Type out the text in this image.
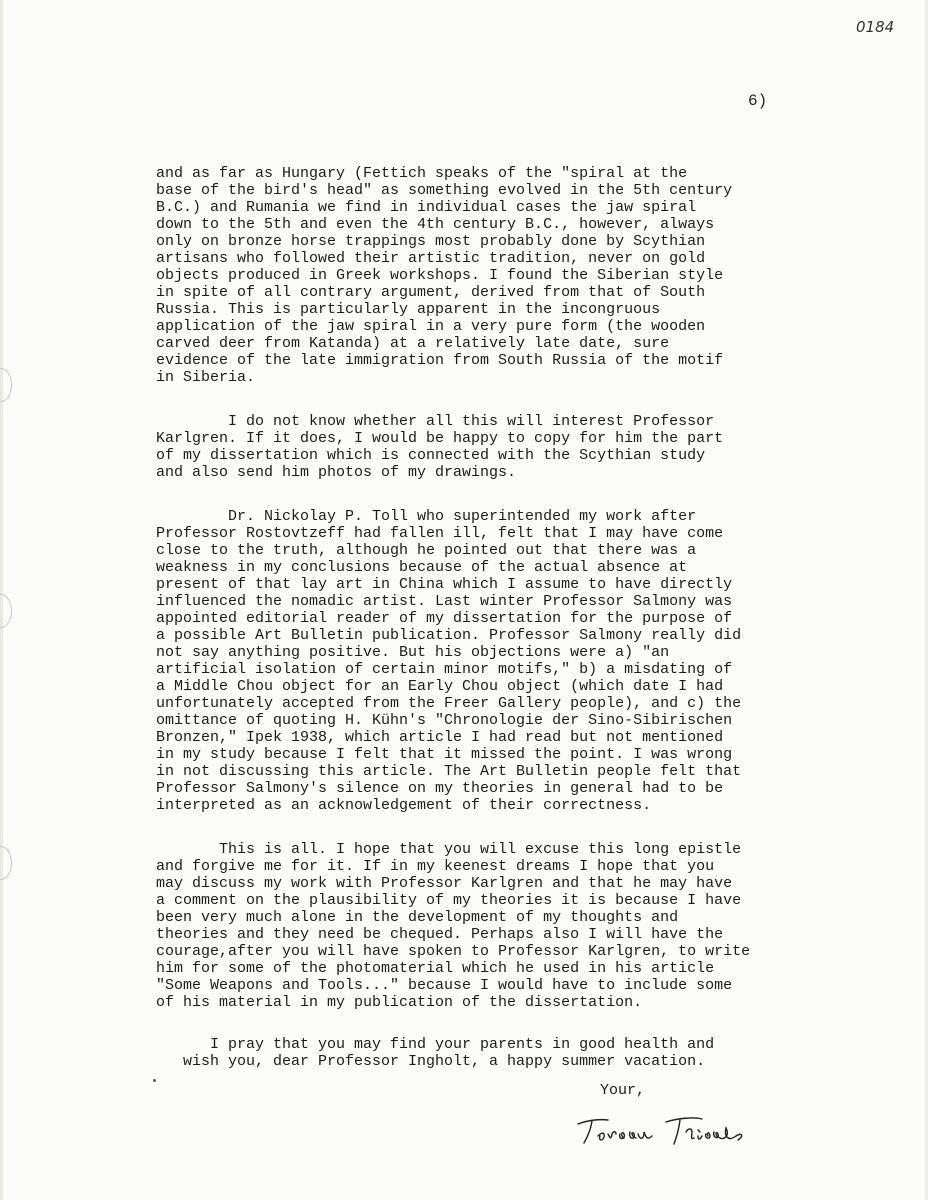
0184
6)

and as far as Hungary (Fettich speaks of the "spiral at the

base of the bird's head" as something evolved in the 5th century

B.C.) and Rumania we find in individual cases the jaw spiral

down to the 5th and even the 4th century B.C., however, always

only on bronze horse trappings most probably done by Scythian

artisans who followed their artistic tradition, never on gold

objects produced in Greek workshops. I found the Siberian style

in spite of all contrary argument, derived from that of South

Russia. This is particularly apparent in the incongruous

application of the jaw spiral in a very pure form (the wooden

carved deer from Katanda) at a relatively late date, sure

evidence of the late immigration from South Russia of the motif

in Siberia.

I do not know whether all this will interest Professor

Karlgren. If it does, I would be happy to copy for him the part

of my dissertation which is connected with the Scythian study

and also send him photos of my drawings.

Dr. Nickolay P. Toll who superintended my work after

Professor Rostovtzeff had fallen ill, felt that I may have come

close to the truth, although he pointed out that there was a

weakness in my conclusions because of the actual absence at

present of that lay art in China which I assume to have directly

influenced the nomadic artist. Last winter Professor Salmony was

appointed editorial reader of my dissertation for the purpose of

a possible Art Bulletin publication. Professor Salmony really did

not say anything positive. But his objections were a) "an

artificial isolation of certain minor motifs," b) a misdating of

a Middle Chou object for an Early Chou object (which date I had

unfortunately accepted from the Freer Gallery people), and c) the

omittance of quoting H. Kühn's "Chronologie der Sino-Sibirischen

Bronzen," Ipek 1938, which article I had read but not mentioned

in my study because I felt that it missed the point. I was wrong

in not discussing this article. The Art Bulletin people felt that

Professor Salmony's silence on my theories in general had to be

interpreted as an acknowledgement of their correctness.

This is all. I hope that you will excuse this long epistle

and forgive me for it. If in my keenest dreams I hope that you

may discuss my work with Professor Karlgren and that he may have

a comment on the plausibility of my theories it is because I have

been very much alone in the development of my thoughts and

theories and they need be chequed. Perhaps also I will have the

courage,after you will have spoken to Professor Karlgren, to write

him for some of the photomaterial which he used in his article

"Some Weapons and Tools..." because I would have to include some

of his material in my publication of the dissertation.

I pray that you may find your parents in good health and

wish you, dear Professor Ingholt, a happy summer vacation.

Your,
